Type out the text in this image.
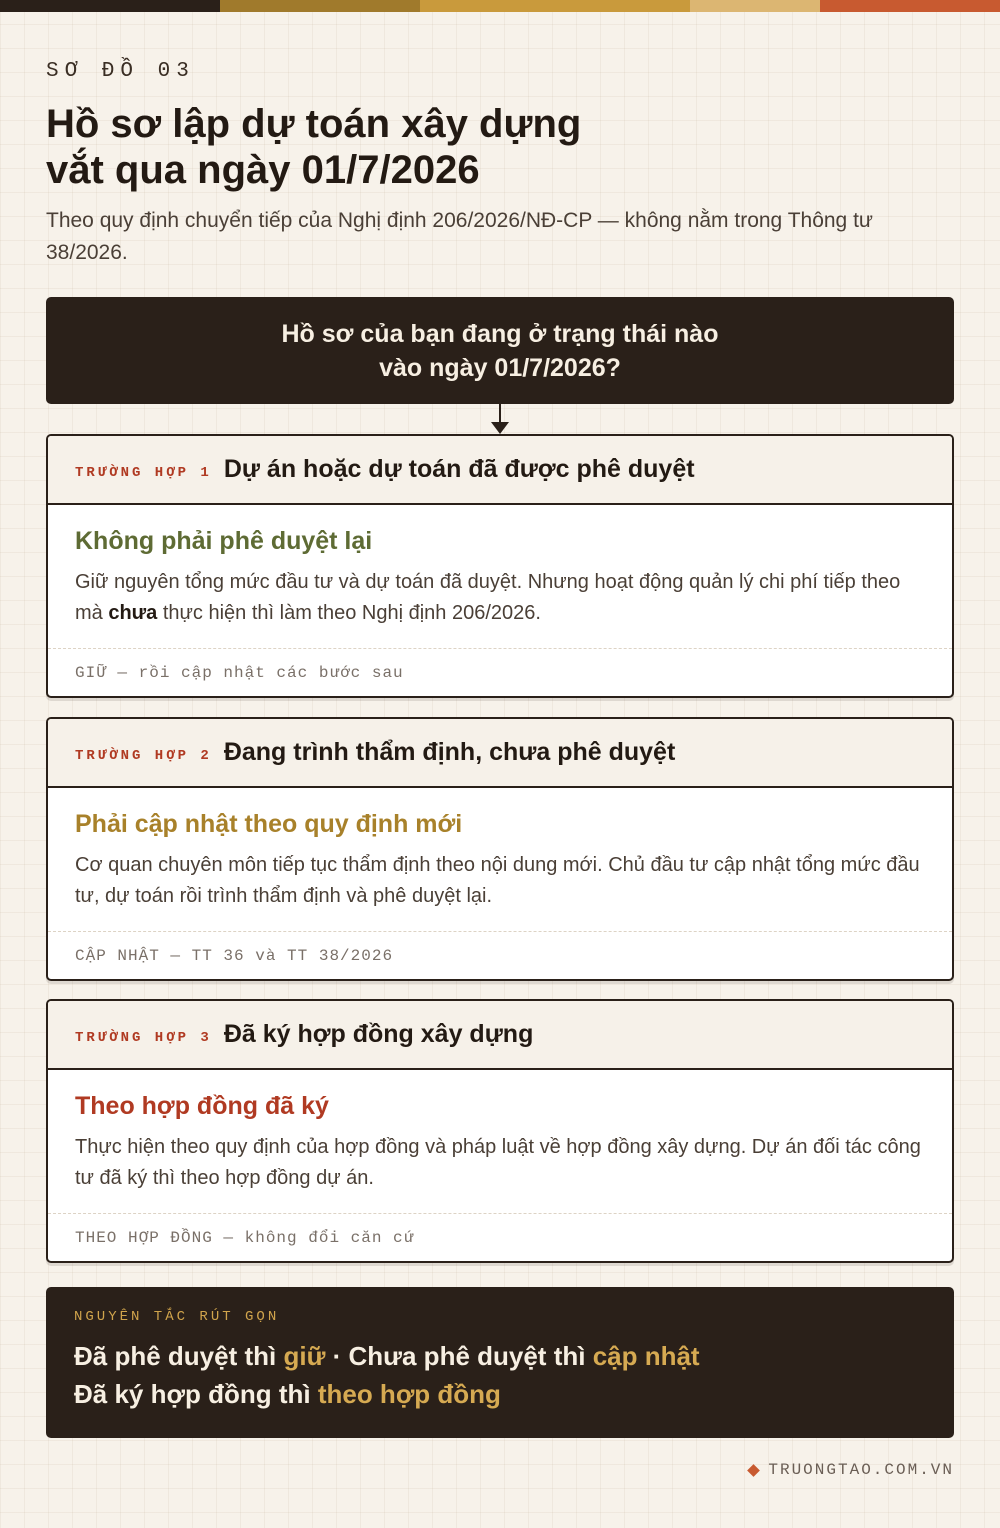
SƠ ĐỒ 03
Hồ sơ lập dự toán xây dựng
vắt qua ngày 01/7/2026

Theo quy định chuyển tiếp của Nghị định 206/2026/NĐ-CP — không nằm trong Thông tư 38/2026.

Hồ sơ của bạn đang ở trạng thái nào
vào ngày 01/7/2026?
TRƯỜNG HỢP 1 Dự án hoặc dự toán đã được phê duyệt
Không phải phê duyệt lại
Giữ nguyên tổng mức đầu tư và dự toán đã duyệt. Nhưng hoạt động quản lý chi phí tiếp theo mà chưa thực hiện thì làm theo Nghị định 206/2026.
GIỮ — rồi cập nhật các bước sau
TRƯỜNG HỢP 2 Đang trình thẩm định, chưa phê duyệt
Phải cập nhật theo quy định mới
Cơ quan chuyên môn tiếp tục thẩm định theo nội dung mới. Chủ đầu tư cập nhật tổng mức đầu tư, dự toán rồi trình thẩm định và phê duyệt lại.
CẬP NHẬT — TT 36 và TT 38/2026
TRƯỜNG HỢP 3 Đã ký hợp đồng xây dựng
Theo hợp đồng đã ký
Thực hiện theo quy định của hợp đồng và pháp luật về hợp đồng xây dựng. Dự án đối tác công tư đã ký thì theo hợp đồng dự án.
THEO HỢP ĐỒNG — không đổi căn cứ
NGUYÊN TẮC RÚT GỌN
Đã phê duyệt thì giữ · Chưa phê duyệt thì cập nhật
Đã ký hợp đồng thì theo hợp đồng
TRUONGTAO.COM.VN
